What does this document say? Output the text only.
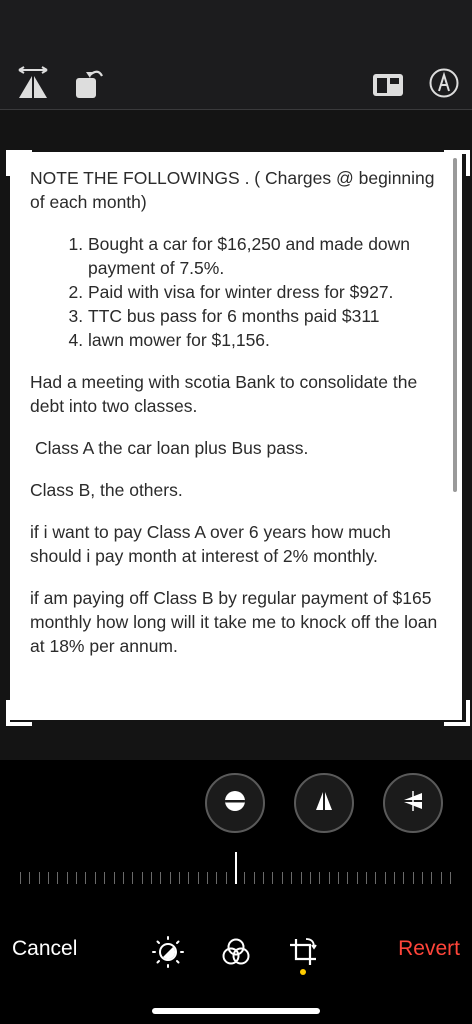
NOTE THE FOLLOWINGS . ( Charges @ beginning of each month)

1. Bought a car for $16,250 and made down payment of 7.5%.
2. Paid with visa for winter dress for $927.
3. TTC bus pass for 6 months paid $311
4. lawn mower for $1,156.

Had a meeting with scotia Bank to consolidate the debt into two classes.

Class A the car loan plus Bus pass.

Class B, the others.

if i want to pay Class A over 6 years how much should i pay month at interest of 2% monthly.

if am paying off Class B by regular payment of $165 monthly how long will it take me to knock off the loan at 18% per annum.

Cancel	Revert
